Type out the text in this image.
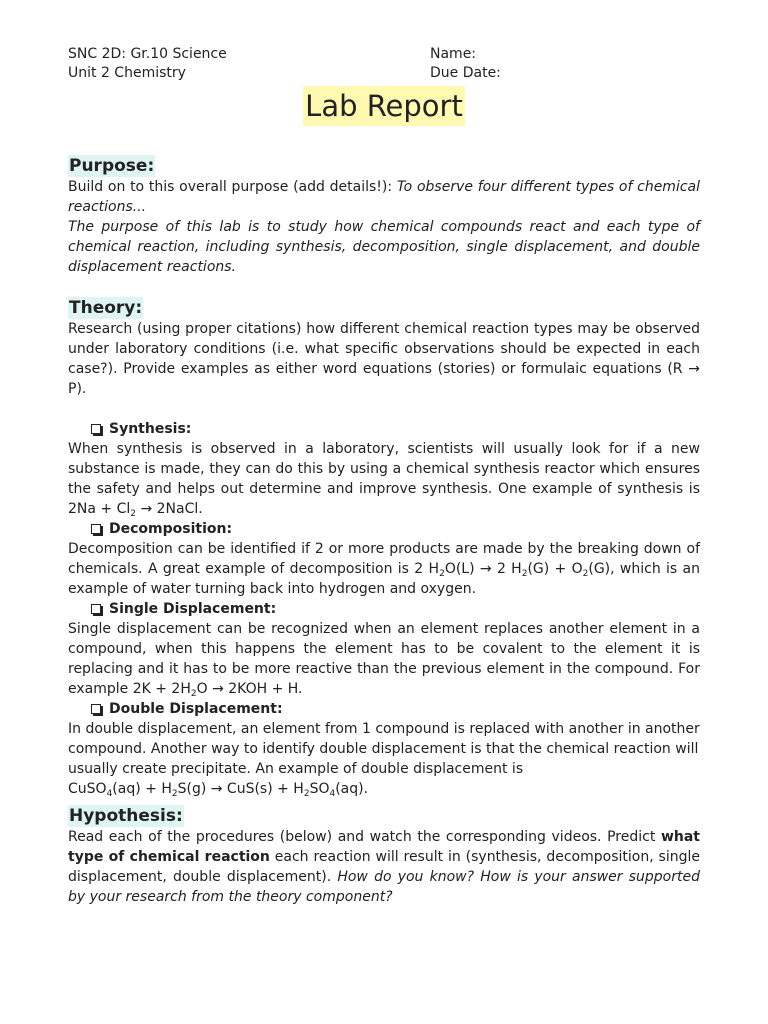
SNC 2D: Gr.10 Science
Unit 2 Chemistry
Name:
Due Date:
Lab Report
Purpose:

Build on to this overall purpose (add details!): To observe four different types of chemical reactions...

The purpose of this lab is to study how chemical compounds react and each type of chemical reaction, including synthesis, decomposition, single displacement, and double displacement reactions.

Theory:

Research (using proper citations) how different chemical reaction types may be observed under laboratory conditions (i.e. what specific observations should be expected in each case?). Provide examples as either word equations (stories) or formulaic equations (R → P).

Synthesis:

When synthesis is observed in a laboratory, scientists will usually look for if a new substance is made, they can do this by using a chemical synthesis reactor which ensures the safety and helps out determine and improve synthesis. One example of synthesis is $2Na + Cl_2$ → 2NaCl.

Decomposition:

Decomposition can be identified if 2 or more products are made by the breaking down of chemicals. A great example of decomposition is 2 $H_2O(L) \to 2$ $H_2(G) + O_2(G)$, which is an example of water turning back into hydrogen and oxygen.

Single Displacement:

Single displacement can be recognized when an element replaces another element in a compound, when this happens the element has to be covalent to the element it is replacing and it has to be more reactive than the previous element in the compound. For example $2K + 2H_2O \to 2KOH + H$.

Double Displacement:

In double displacement, an element from 1 compound is replaced with another in another compound. Another way to identify double displacement is that the chemical reaction will usually create precipitate. An example of double displacement is

CuSO$_4$(aq) + $H_2S(g) \to CuS(s) + H_2SO_4(aq)$.

Hypothesis:

Read each of the procedures (below) and watch the corresponding videos. Predict what type of chemical reaction each reaction will result in (synthesis, decomposition, single displacement, double displacement). How do you know? How is your answer supported by your research from the theory component?
